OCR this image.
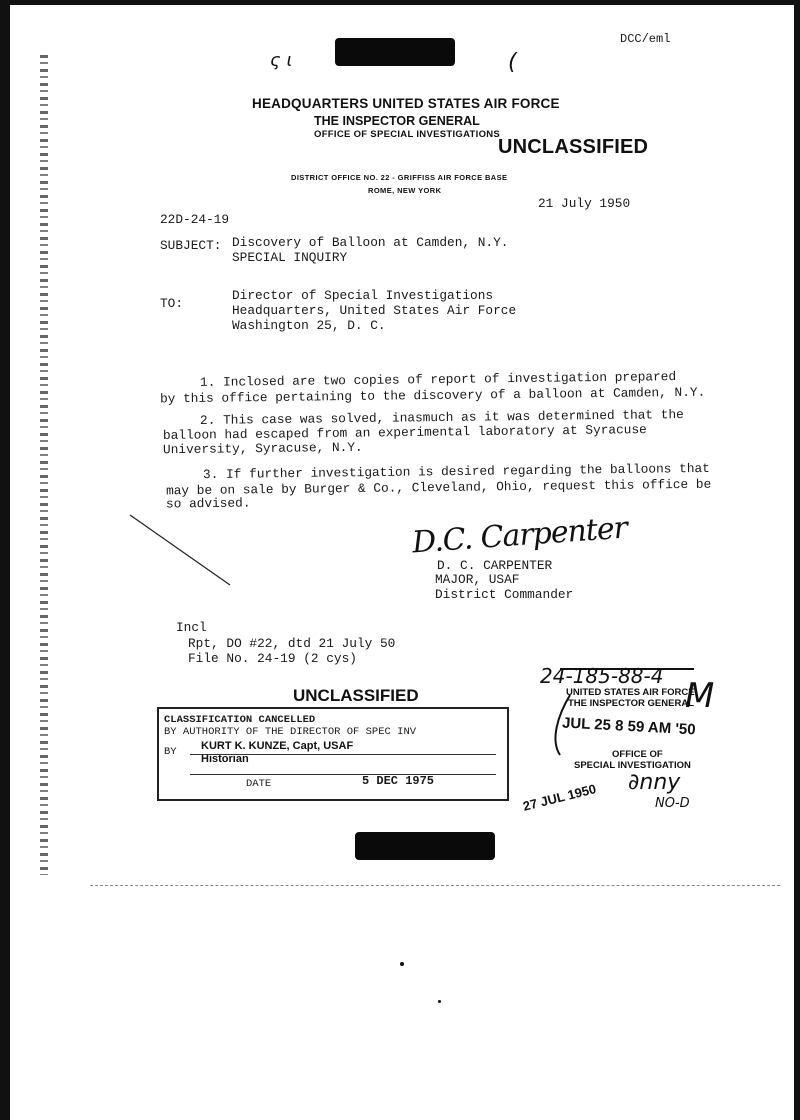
ς ɩ	(
DCC/eml
HEADQUARTERS UNITED STATES AIR FORCE
THE INSPECTOR GENERAL
OFFICE OF SPECIAL INVESTIGATIONS
UNCLASSIFIED
DISTRICT OFFICE NO. 22 - GRIFFISS AIR FORCE BASE
ROME, NEW YORK
21 July 1950
22D-24-19
SUBJECT: Discovery of Balloon at Camden, N.Y.
SPECIAL INQUIRY
TO:
Director of Special Investigations
Headquarters, United States Air Force
Washington 25, D. C.
1. Inclosed are two copies of report of investigation prepared
by this office pertaining to the discovery of a balloon at Camden, N.Y.
2. This case was solved, inasmuch as it was determined that the
balloon had escaped from an experimental laboratory at Syracuse
University, Syracuse, N.Y.
3. If further investigation is desired regarding the balloons that
may be on sale by Burger & Co., Cleveland, Ohio, request this office be
so advised.
D.C. Carpenter
D. C. CARPENTER
MAJOR, USAF
District Commander
Incl
Rpt, DO #22, dtd 21 July 50
File No. 24-19 (2 cys)
UNCLASSIFIED
CLASSIFICATION CANCELLED
BY AUTHORITY OF THE DIRECTOR OF SPEC INV
BY KURT K. KUNZE, Capt, USAF
Historian
DATE	5 DEC 1975
24-185-88-4
UNITED STATES AIR FORCE
THE INSPECTOR GENERAL
M
JUL 25 8 59 AM '50
OFFICE OF
SPECIAL INVESTIGATION
27 JUL 1950 ∂nny
NO-D
